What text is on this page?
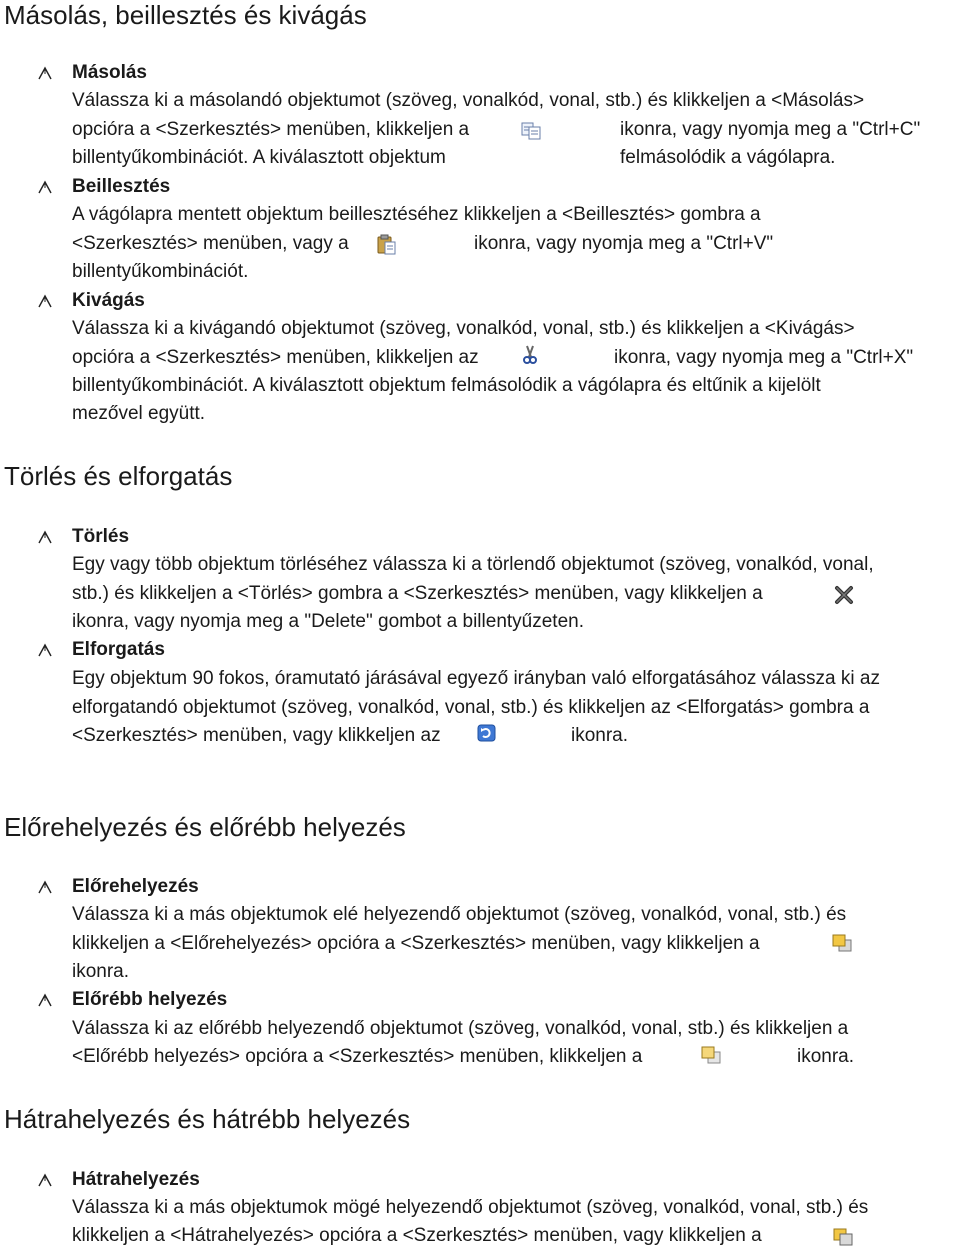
Másolás, beillesztés és kivágás
Másolás
Válassza ki a másolandó objektumot (szöveg, vonalkód, vonal, stb.) és klikkeljen a <Másolás>
opcióra a <Szerkesztés> menüben, klikkeljen a	ikonra, vagy nyomja meg a "Ctrl+C"
billentyűkombinációt. A kiválasztott objektum	felmásolódik a vágólapra.
Beillesztés
A vágólapra mentett objektum beillesztéséhez klikkeljen a <Beillesztés> gombra a
<Szerkesztés> menüben, vagy a	ikonra, vagy nyomja meg a "Ctrl+V"
billentyűkombinációt.
Kivágás
Válassza ki a kivágandó objektumot (szöveg, vonalkód, vonal, stb.) és klikkeljen a <Kivágás>
opcióra a <Szerkesztés> menüben, klikkeljen az	ikonra, vagy nyomja meg a "Ctrl+X"
billentyűkombinációt. A kiválasztott objektum felmásolódik a vágólapra és eltűnik a kijelölt
mezővel együtt.
Törlés és elforgatás
Törlés
Egy vagy több objektum törléséhez válassza ki a törlendő objektumot (szöveg, vonalkód, vonal,
stb.) és klikkeljen a <Törlés> gombra a <Szerkesztés> menüben, vagy klikkeljen a
ikonra, vagy nyomja meg a "Delete" gombot a billentyűzeten.
Elforgatás
Egy objektum 90 fokos, óramutató járásával egyező irányban való elforgatásához válassza ki az
elforgatandó objektumot (szöveg, vonalkód, vonal, stb.) és klikkeljen az <Elforgatás> gombra a
<Szerkesztés> menüben, vagy klikkeljen az	ikonra.
Előrehelyezés és előrébb helyezés
Előrehelyezés
Válassza ki a más objektumok elé helyezendő objektumot (szöveg, vonalkód, vonal, stb.) és
klikkeljen a <Előrehelyezés> opcióra a <Szerkesztés> menüben, vagy klikkeljen a
ikonra.
Előrébb helyezés
Válassza ki az előrébb helyezendő objektumot (szöveg, vonalkód, vonal, stb.) és klikkeljen a
<Előrébb helyezés> opcióra a <Szerkesztés> menüben, klikkeljen a	ikonra.
Hátrahelyezés és hátrébb helyezés
Hátrahelyezés
Válassza ki a más objektumok mögé helyezendő objektumot (szöveg, vonalkód, vonal, stb.) és
klikkeljen a <Hátrahelyezés> opcióra a <Szerkesztés> menüben, vagy klikkeljen a
